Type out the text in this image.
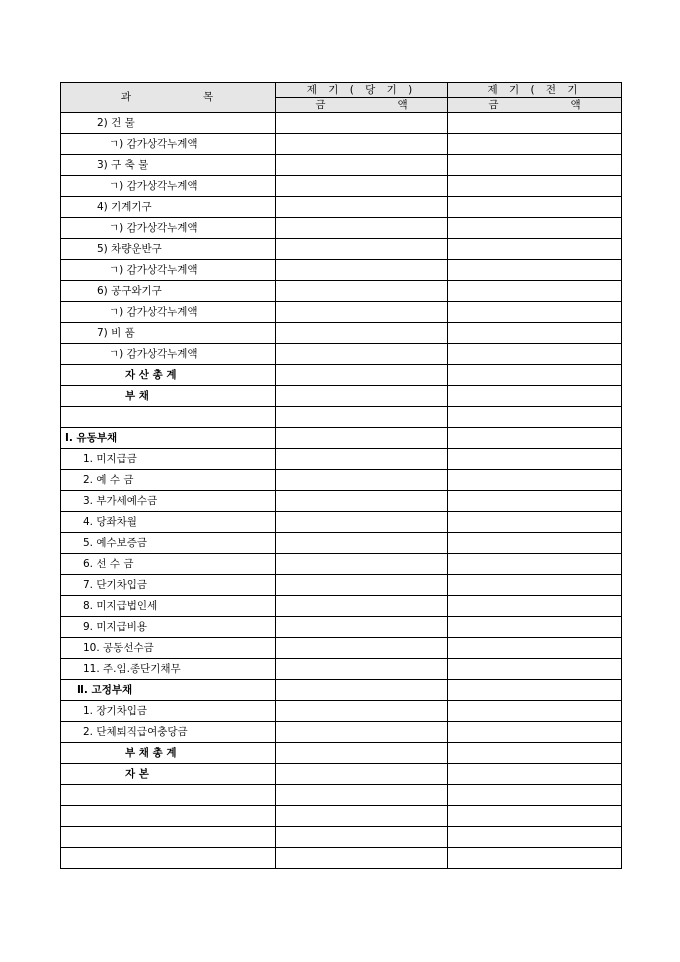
과 목	제 기 ( 당 기 )	제 기 ( 전 기
	금 액	금 액
2) 건 물		
ㄱ) 감가상각누계액		
3) 구 축 물		
ㄱ) 감가상각누계액		
4) 기계기구		
ㄱ) 감가상각누계액		
5) 차량운반구		
ㄱ) 감가상각누계액		
6) 공구와기구		
ㄱ) 감가상각누계액		
7) 비 품		
ㄱ) 감가상각누계액		
자 산 총 계		
부 채		

Ⅰ. 유동부채		
1. 미지급금		
2. 예 수 금		
3. 부가세예수금		
4. 당좌차월		
5. 예수보증금		
6. 선 수 금		
7. 단기차입금		
8. 미지급법인세		
9. 미지급비용		
10. 공동선수금		
11. 주.임.종단기채무		
Ⅱ. 고정부채		
1. 장기차입금		
2. 단체퇴직급여충당금		
부 채 총 계		
자 본		
